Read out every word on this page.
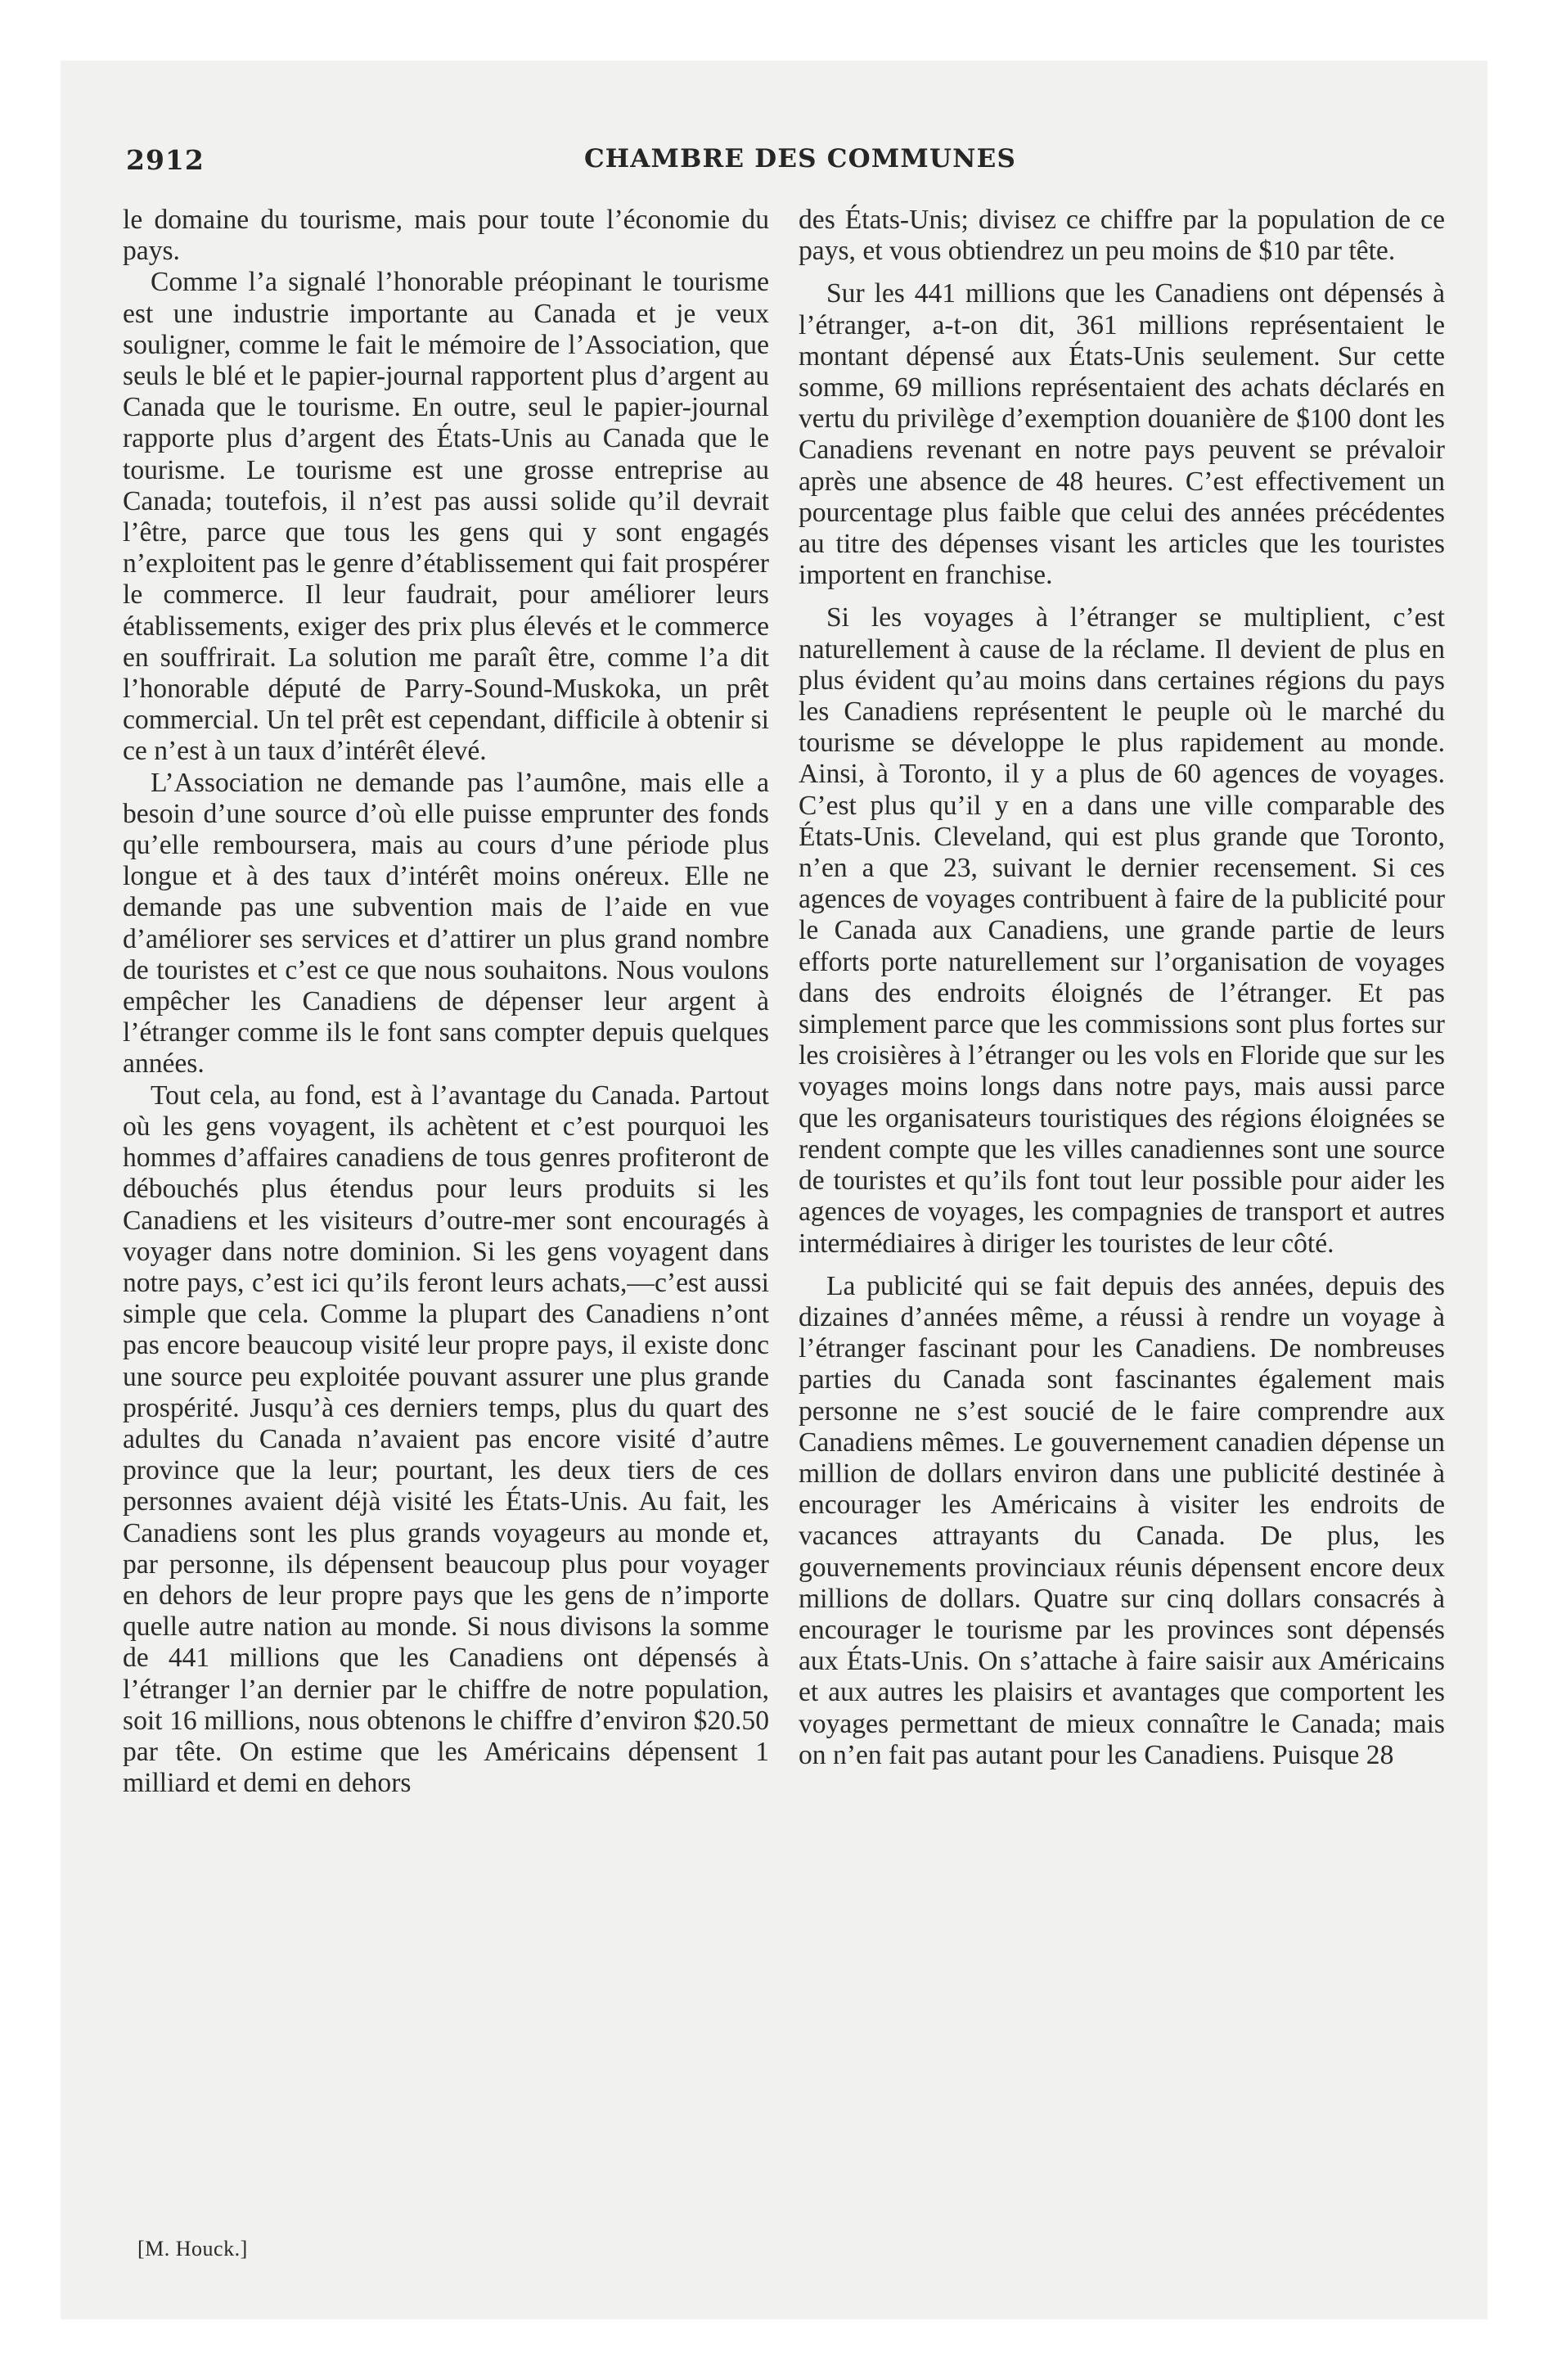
2912	CHAMBRE DES COMMUNES

le domaine du tourisme, mais pour toute l’économie du pays.

Comme l’a signalé l’honorable préopinant le tourisme est une industrie importante au Canada et je veux souligner, comme le fait le mémoire de l’Association, que seuls le blé et le papier-journal rapportent plus d’argent au Canada que le tourisme. En outre, seul le papier-journal rapporte plus d’argent des États-Unis au Canada que le tourisme. Le tourisme est une grosse entreprise au Canada; toutefois, il n’est pas aussi solide qu’il devrait l’être, parce que tous les gens qui y sont engagés n’exploitent pas le genre d’établissement qui fait prospérer le commerce. Il leur faudrait, pour améliorer leurs établissements, exiger des prix plus élevés et le commerce en souffrirait. La solution me paraît être, comme l’a dit l’honorable député de Parry-Sound-Muskoka, un prêt commercial. Un tel prêt est cependant, difficile à obtenir si ce n’est à un taux d’intérêt élevé.

L’Association ne demande pas l’aumône, mais elle a besoin d’une source d’où elle puisse emprunter des fonds qu’elle remboursera, mais au cours d’une période plus longue et à des taux d’intérêt moins onéreux. Elle ne demande pas une subvention mais de l’aide en vue d’améliorer ses services et d’attirer un plus grand nombre de touristes et c’est ce que nous souhaitons. Nous voulons empêcher les Canadiens de dépenser leur argent à l’étranger comme ils le font sans compter depuis quelques années.

Tout cela, au fond, est à l’avantage du Canada. Partout où les gens voyagent, ils achètent et c’est pourquoi les hommes d’affaires canadiens de tous genres profiteront de débouchés plus étendus pour leurs produits si les Canadiens et les visiteurs d’outre-mer sont encouragés à voyager dans notre dominion. Si les gens voyagent dans notre pays, c’est ici qu’ils feront leurs achats,—c’est aussi simple que cela. Comme la plupart des Canadiens n’ont pas encore beaucoup visité leur propre pays, il existe donc une source peu exploitée pouvant assurer une plus grande prospérité. Jusqu’à ces derniers temps, plus du quart des adultes du Canada n’avaient pas encore visité d’autre province que la leur; pourtant, les deux tiers de ces personnes avaient déjà visité les États-Unis. Au fait, les Canadiens sont les plus grands voyageurs au monde et, par personne, ils dépensent beaucoup plus pour voyager en dehors de leur propre pays que les gens de n’importe quelle autre nation au monde. Si nous divisons la somme de 441 millions que les Canadiens ont dépensés à l’étranger l’an dernier par le chiffre de notre population, soit 16 millions, nous obtenons le chiffre d’environ $20.50 par tête. On estime que les Américains dépensent 1 milliard et demi en dehors

des États-Unis; divisez ce chiffre par la population de ce pays, et vous obtiendrez un peu moins de $10 par tête.

Sur les 441 millions que les Canadiens ont dépensés à l’étranger, a-t-on dit, 361 millions représentaient le montant dépensé aux États-Unis seulement. Sur cette somme, 69 millions représentaient des achats déclarés en vertu du privilège d’exemption douanière de $100 dont les Canadiens revenant en notre pays peuvent se prévaloir après une absence de 48 heures. C’est effectivement un pourcentage plus faible que celui des années précédentes au titre des dépenses visant les articles que les touristes importent en franchise.

Si les voyages à l’étranger se multiplient, c’est naturellement à cause de la réclame. Il devient de plus en plus évident qu’au moins dans certaines régions du pays les Canadiens représentent le peuple où le marché du tourisme se développe le plus rapidement au monde. Ainsi, à Toronto, il y a plus de 60 agences de voyages. C’est plus qu’il y en a dans une ville comparable des États-Unis. Cleveland, qui est plus grande que Toronto, n’en a que 23, suivant le dernier recensement. Si ces agences de voyages contribuent à faire de la publicité pour le Canada aux Canadiens, une grande partie de leurs efforts porte naturellement sur l’organisation de voyages dans des endroits éloignés de l’étranger. Et pas simplement parce que les commissions sont plus fortes sur les croisières à l’étranger ou les vols en Floride que sur les voyages moins longs dans notre pays, mais aussi parce que les organisateurs touristiques des régions éloignées se rendent compte que les villes canadiennes sont une source de touristes et qu’ils font tout leur possible pour aider les agences de voyages, les compagnies de transport et autres intermédiaires à diriger les touristes de leur côté.

La publicité qui se fait depuis des années, depuis des dizaines d’années même, a réussi à rendre un voyage à l’étranger fascinant pour les Canadiens. De nombreuses parties du Canada sont fascinantes également mais personne ne s’est soucié de le faire comprendre aux Canadiens mêmes. Le gouvernement canadien dépense un million de dollars environ dans une publicité destinée à encourager les Américains à visiter les endroits de vacances attrayants du Canada. De plus, les gouvernements provinciaux réunis dépensent encore deux millions de dollars. Quatre sur cinq dollars consacrés à encourager le tourisme par les provinces sont dépensés aux États-Unis. On s’attache à faire saisir aux Américains et aux autres les plaisirs et avantages que comportent les voyages permettant de mieux connaître le Canada; mais on n’en fait pas autant pour les Canadiens. Puisque 28

[M. Houck.]
